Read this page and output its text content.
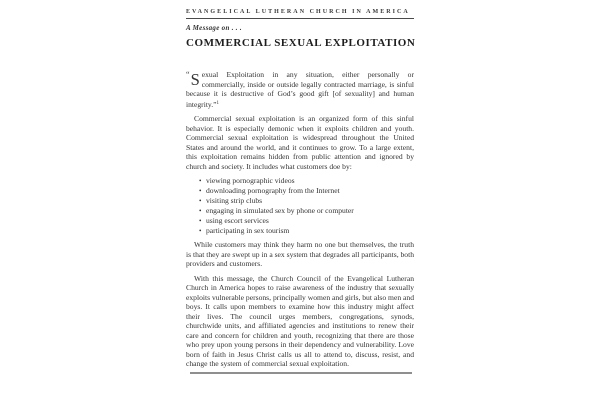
EVANGELICAL LUTHERAN CHURCH IN AMERICA
A Message on . . .
COMMERCIAL SEXUAL EXPLOITATION

“S exual Exploitation in any situation, either personally or commercially, inside or outside legally contracted marriage, is sinful because it is destructive of God’s good gift [of sexuality] and human integrity.”$^1$

Commercial sexual exploitation is an organized form of this sinful behavior. It is especially demonic when it exploits children and youth. Commercial sexual exploitation is widespread throughout the United States and around the world, and it continues to grow. To a large extent, this exploitation remains hidden from public attention and ignored by church and society. It includes what customers doe by:

• viewing pornographic videos
• downloading pornography from the Internet
• visiting strip clubs
• engaging in simulated sex by phone or computer
• using escort services
• participating in sex tourism

While customers may think they harm no one but themselves, the truth is that they are swept up in a sex system that degrades all participants, both providers and customers.

With this message, the Church Council of the Evangelical Lutheran Church in America hopes to raise awareness of the industry that sexually exploits vulnerable persons, principally women and girls, but also men and boys. It calls upon members to examine how this industry might affect their lives. The council urges members, congregations, synods, churchwide units, and affiliated agencies and institutions to renew their care and concern for children and youth, recognizing that there are those who prey upon young persons in their dependency and vulnerability. Love born of faith in Jesus Christ calls us all to attend to, discuss, resist, and change the system of commercial sexual exploitation.
